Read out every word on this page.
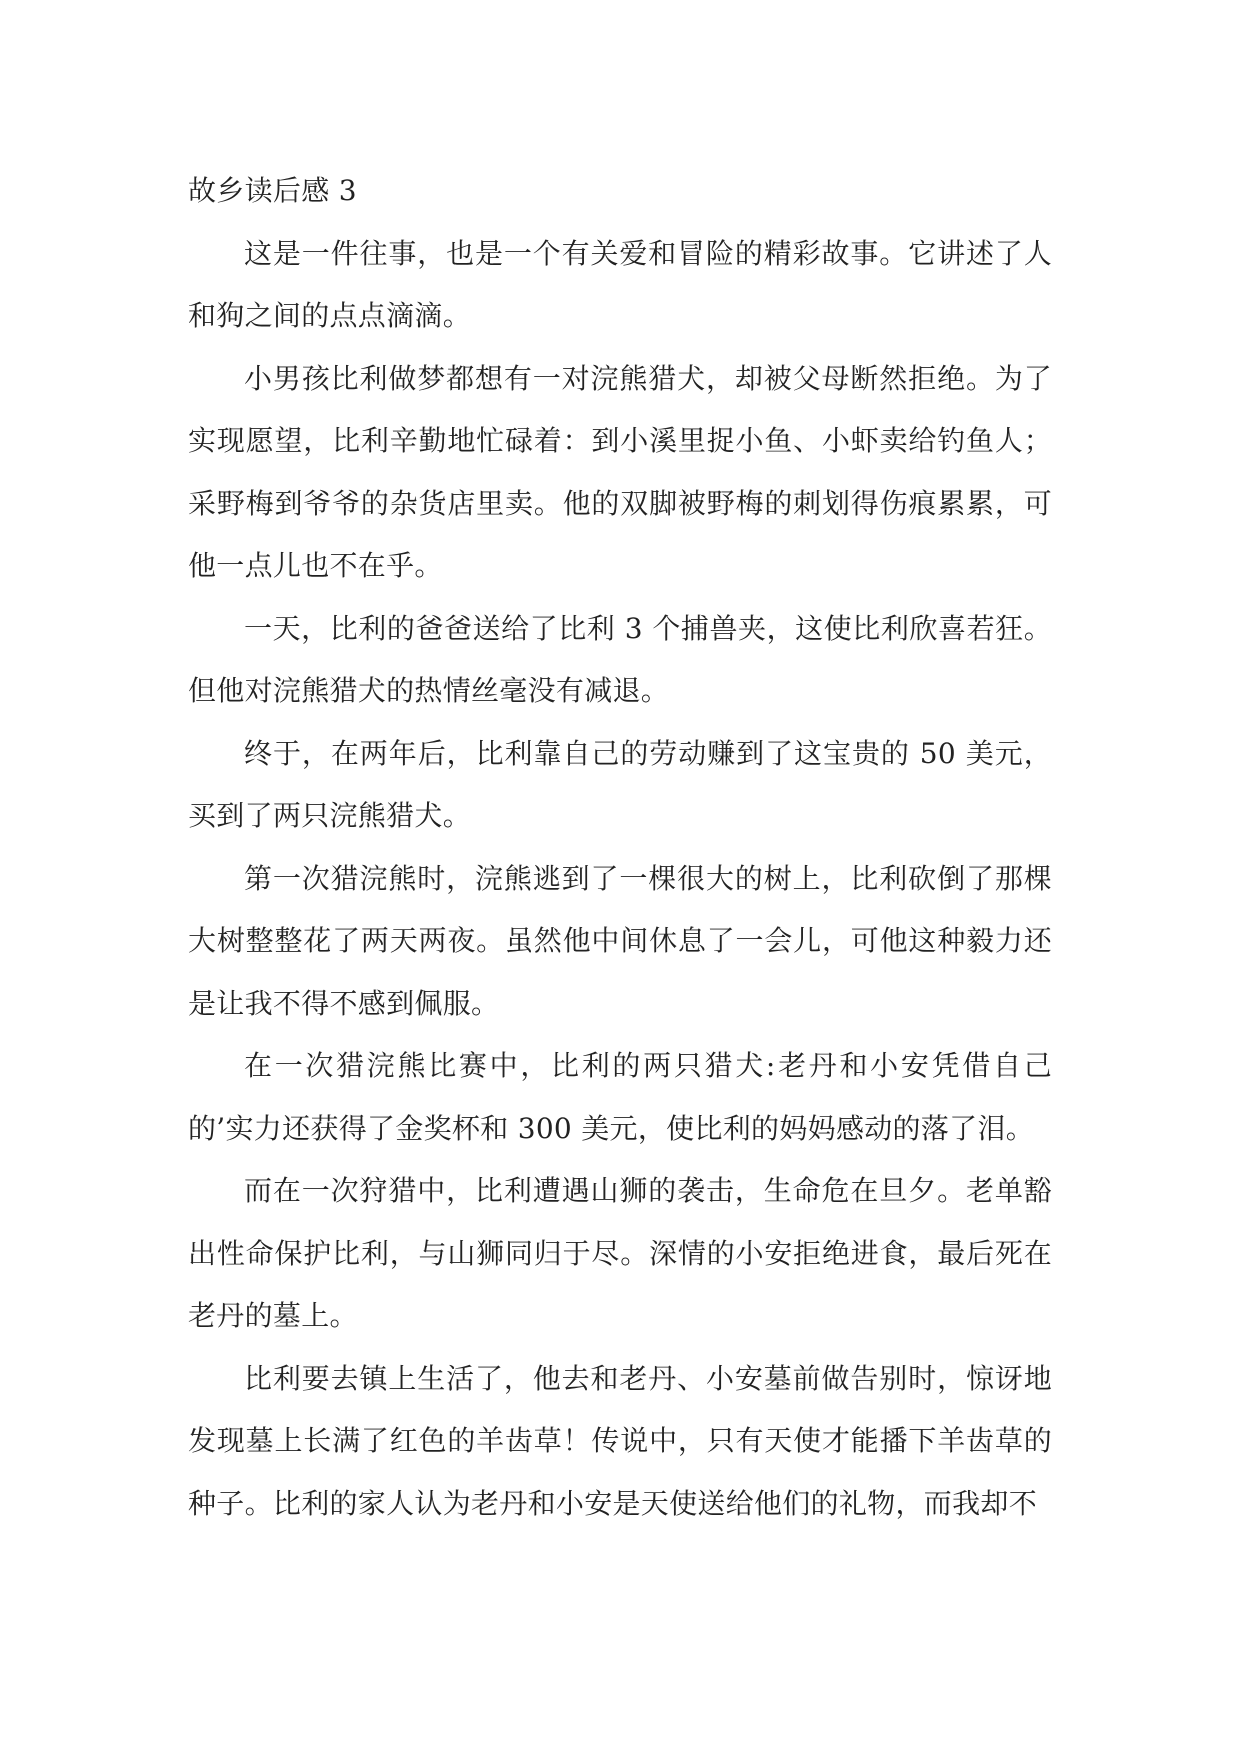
故乡读后感 3

这是一件往事，也是一个有关爱和冒险的精彩故事。它讲述了人和狗之间的点点滴滴。

小男孩比利做梦都想有一对浣熊猎犬，却被父母断然拒绝。为了实现愿望，比利辛勤地忙碌着：到小溪里捉小鱼、小虾卖给钓鱼人；采野梅到爷爷的杂货店里卖。他的双脚被野梅的刺划得伤痕累累，可他一点儿也不在乎。

一天，比利的爸爸送给了比利 3 个捕兽夹，这使比利欣喜若狂。但他对浣熊猎犬的热情丝毫没有减退。

终于，在两年后，比利靠自己的劳动赚到了这宝贵的 50 美元，买到了两只浣熊猎犬。

第一次猎浣熊时，浣熊逃到了一棵很大的树上，比利砍倒了那棵大树整整花了两天两夜。虽然他中间休息了一会儿，可他这种毅力还是让我不得不感到佩服。

在一次猎浣熊比赛中，比利的两只猎犬:老丹和小安凭借自己的’实力还获得了金奖杯和 300 美元，使比利的妈妈感动的落了泪。

而在一次狩猎中，比利遭遇山狮的袭击，生命危在旦夕。老单豁出性命保护比利，与山狮同归于尽。深情的小安拒绝进食，最后死在老丹的墓上。

比利要去镇上生活了，他去和老丹、小安墓前做告别时，惊讶地发现墓上长满了红色的羊齿草！传说中，只有天使才能播下羊齿草的种子。比利的家人认为老丹和小安是天使送给他们的礼物，而我却不
